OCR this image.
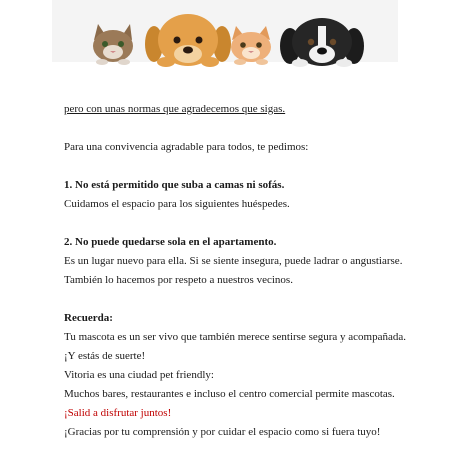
pero con unas normas que agradecemos que sigas.
Para una convivencia agradable para todos, te pedimos:
1. No está permitido que suba a camas ni sofás.
Cuidamos el espacio para los siguientes huéspedes.
2. No puede quedarse sola en el apartamento.
Es un lugar nuevo para ella. Si se siente insegura, puede ladrar o angustiarse.
También lo hacemos por respeto a nuestros vecinos.
Recuerda:
Tu mascota es un ser vivo que también merece sentirse segura y acompañada.
¡Y estás de suerte!
Vitoria es una ciudad pet friendly:
Muchos bares, restaurantes e incluso el centro comercial permite mascotas.
¡Salid a disfrutar juntos!
¡Gracias por tu comprensión y por cuidar el espacio como si fuera tuyo!
